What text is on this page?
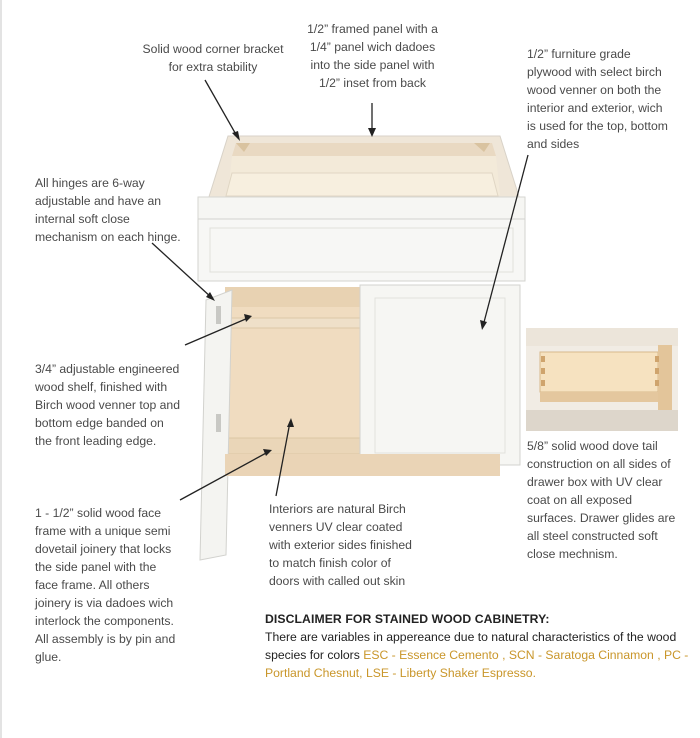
Solid wood corner bracket
for extra stability

1/2” framed panel with a
1/4” panel wich dadoes
into the side panel with
1/2” inset from back

1/2” furniture grade
plywood with select birch
wood venner on both the
interior and exterior, wich
is used for the top, bottom
and sides

All hinges are 6-way
adjustable and have an
internal soft close
mechanism on each hinge.

3/4” adjustable engineered
wood shelf, finished with
Birch wood venner top and
bottom edge banded on
the front leading edge.	5/8” solid wood dove tail
construction on all sides of
drawer box with UV clear
coat on all exposed
surfaces. Drawer glides are
all steel constructed soft
close mechnism.

1 - 1/2” solid wood face
frame with a unique semi
dovetail joinery that locks
the side panel with the
face frame. All others
joinery is via dadoes wich
interlock the components.
All assembly is by pin and
glue.

Interiors are natural Birch
venners UV clear coated
with exterior sides finished
to match finish color of
doors with called out skin

DISCLAIMER FOR STAINED WOOD CABINETRY:
There are variables in appereance due to natural characteristics of the wood species for colors ESC - Essence Cemento , SCN - Saratoga Cinnamon , PC - Portland Chesnut, LSE - Liberty Shaker Espresso.
